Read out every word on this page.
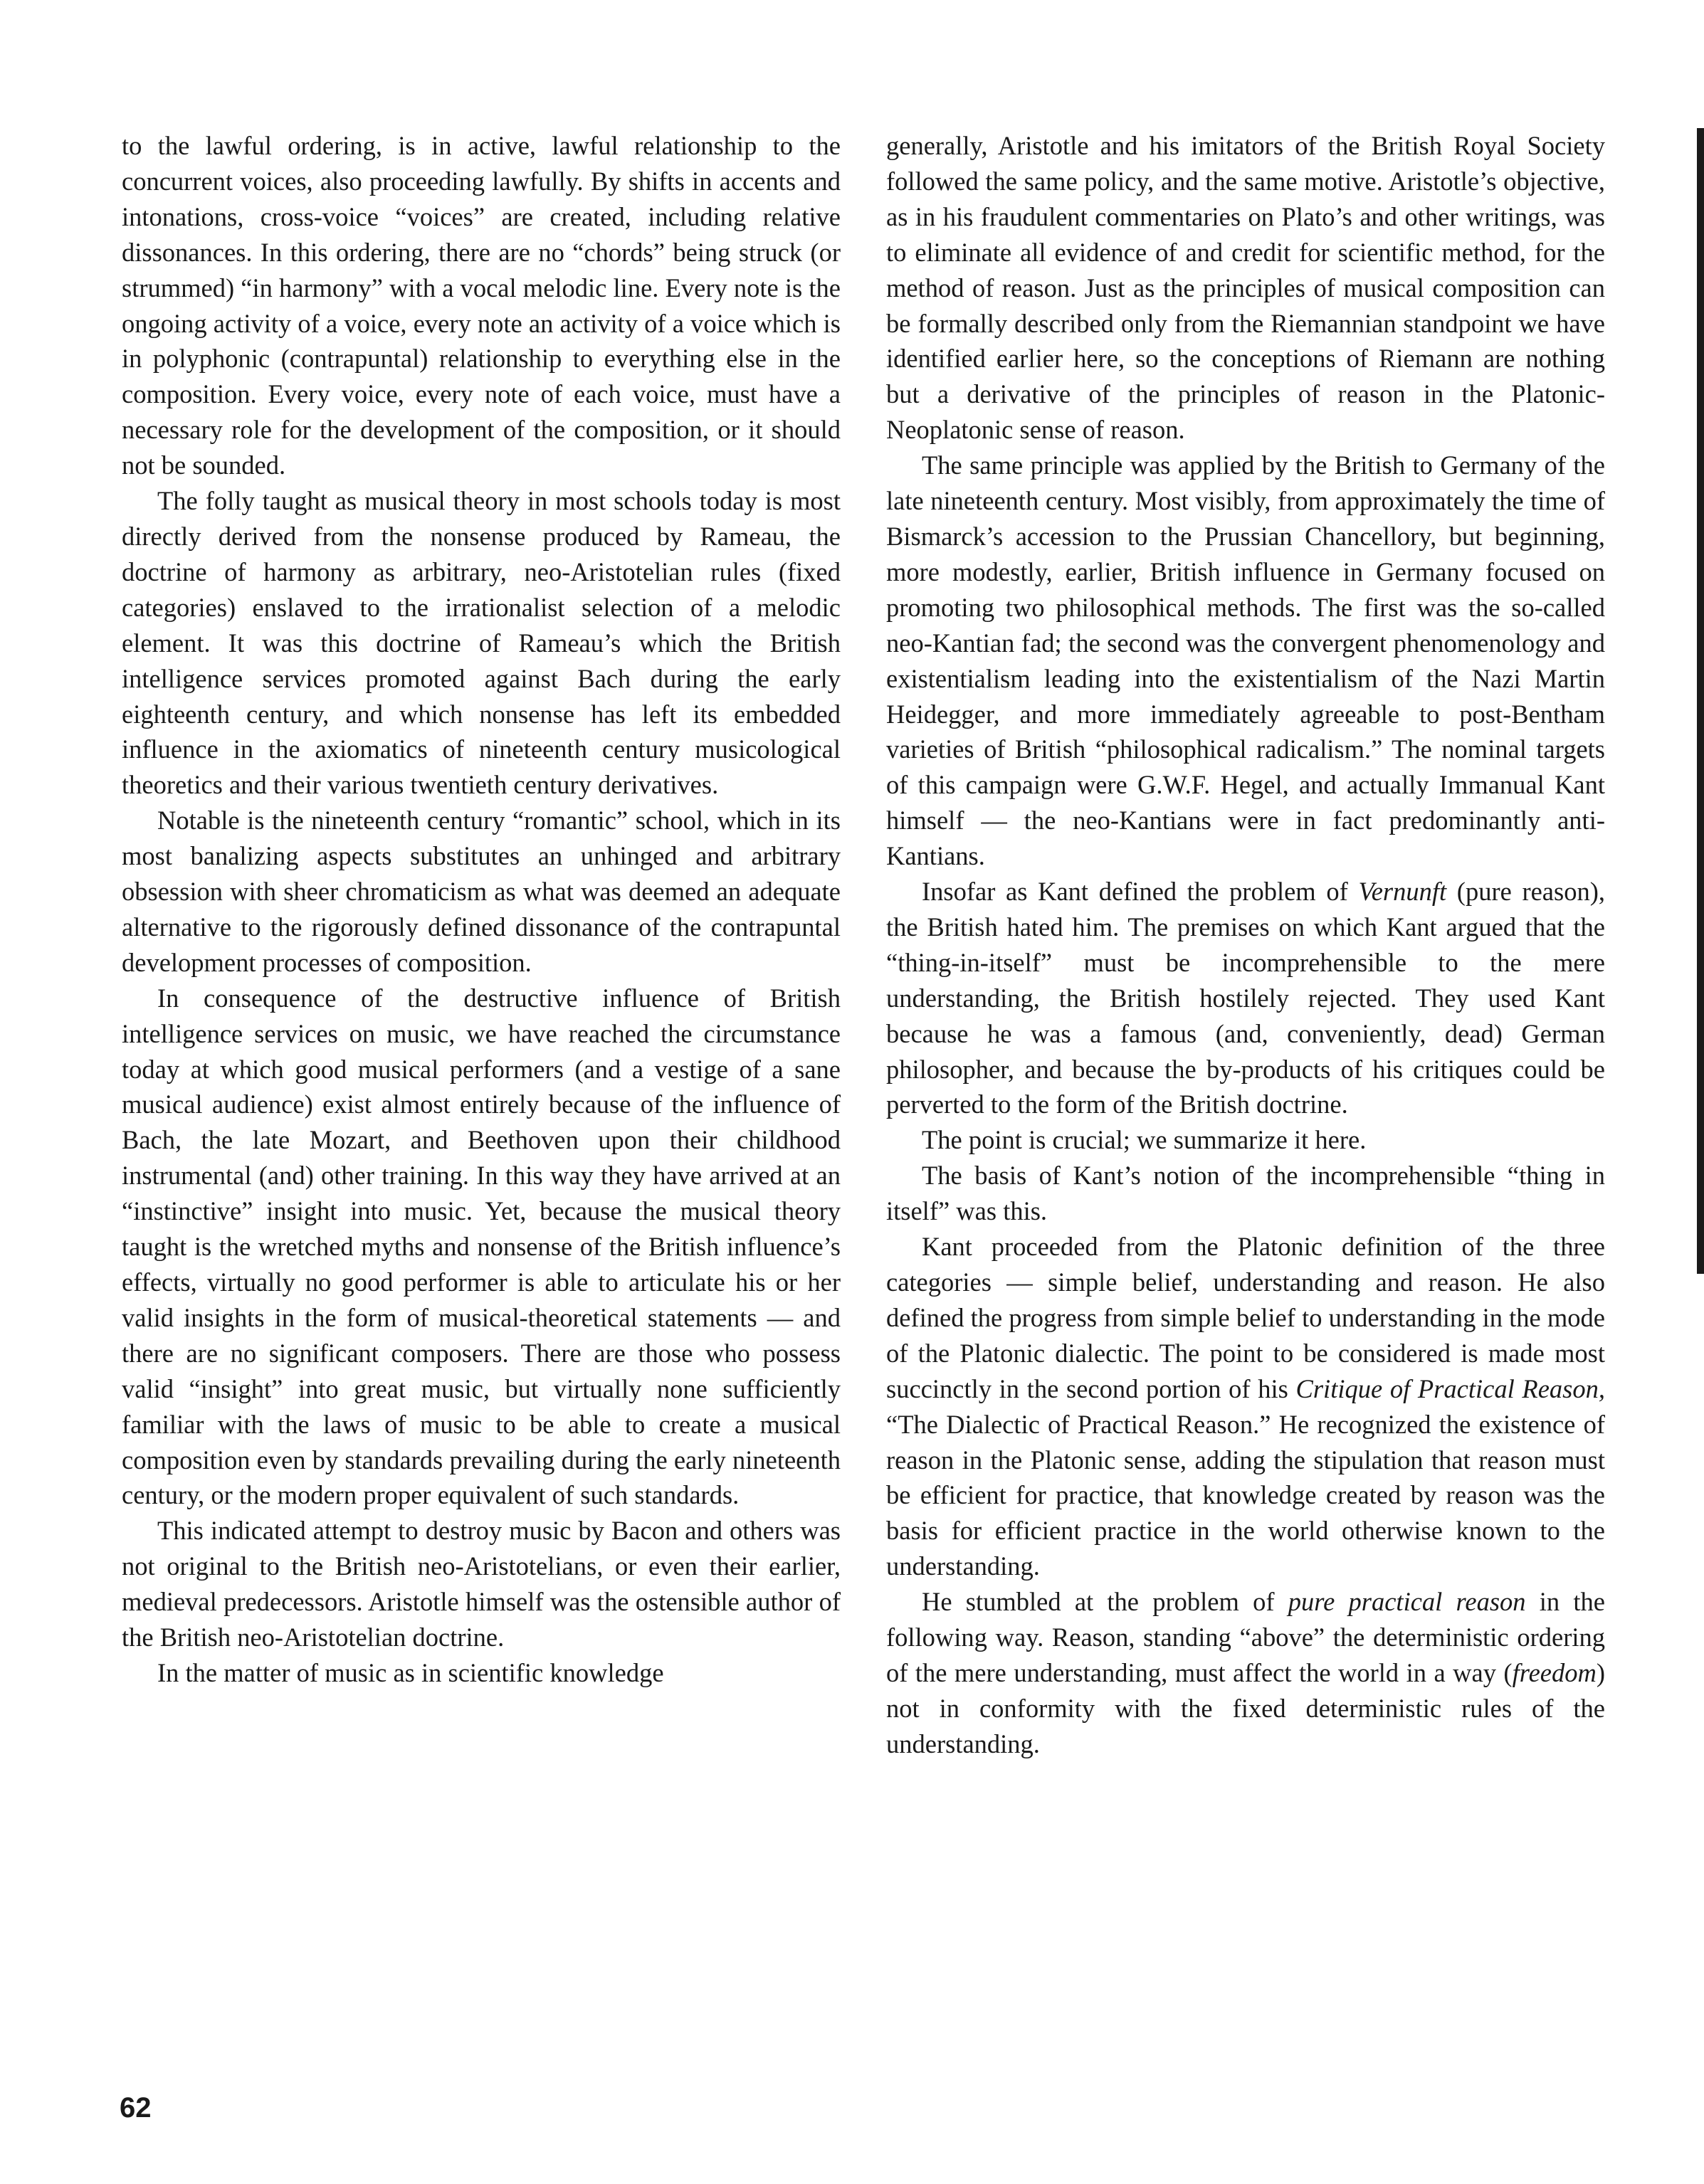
to the lawful ordering, is in active, lawful relationship to the concurrent voices, also proceeding lawfully. By shifts in accents and intonations, cross-voice “voices” are created, including relative dissonances. In this ordering, there are no “chords” being struck (or strummed) “in harmony” with a vocal melodic line. Every note is the ongoing activity of a voice, every note an activity of a voice which is in polyphonic (contrapuntal) relationship to everything else in the composition. Every voice, every note of each voice, must have a necessary role for the development of the composition, or it should not be sounded.

The folly taught as musical theory in most schools today is most directly derived from the nonsense produced by Rameau, the doctrine of harmony as arbitrary, neo-Aristotelian rules (fixed categories) enslaved to the irrationalist selection of a melodic element. It was this doctrine of Rameau’s which the British intelligence services promoted against Bach during the early eighteenth century, and which nonsense has left its embedded influence in the axiomatics of nineteenth century musicological theoretics and their various twentieth century derivatives.

Notable is the nineteenth century “romantic” school, which in its most banalizing aspects substitutes an unhinged and arbitrary obsession with sheer chromaticism as what was deemed an adequate alternative to the rigorously defined dissonance of the contrapuntal development processes of composition.

In consequence of the destructive influence of British intelligence services on music, we have reached the circumstance today at which good musical performers (and a vestige of a sane musical audience) exist almost entirely because of the influence of Bach, the late Mozart, and Beethoven upon their childhood instrumental (and) other training. In this way they have arrived at an “instinctive” insight into music. Yet, because the musical theory taught is the wretched myths and nonsense of the British influence’s effects, virtually no good performer is able to articulate his or her valid insights in the form of musical-theoretical statements — and there are no significant composers. There are those who possess valid “insight” into great music, but virtually none sufficiently familiar with the laws of music to be able to create a musical composition even by standards prevailing during the early nineteenth century, or the modern proper equivalent of such standards.

This indicated attempt to destroy music by Bacon and others was not original to the British neo-Aristotelians, or even their earlier, medieval predecessors. Aristotle himself was the ostensible author of the British neo-Aristotelian doctrine.

In the matter of music as in scientific knowledge

generally, Aristotle and his imitators of the British Royal Society followed the same policy, and the same motive. Aristotle’s objective, as in his fraudulent commentaries on Plato’s and other writings, was to eliminate all evidence of and credit for scientific method, for the method of reason. Just as the principles of musical composition can be formally described only from the Riemannian standpoint we have identified earlier here, so the conceptions of Riemann are nothing but a derivative of the principles of reason in the Platonic-Neoplatonic sense of reason.

The same principle was applied by the British to Germany of the late nineteenth century. Most visibly, from approximately the time of Bismarck’s accession to the Prussian Chancellory, but beginning, more modestly, earlier, British influence in Germany focused on promoting two philosophical methods. The first was the so-called neo-Kantian fad; the second was the convergent phenomenology and existentialism leading into the existentialism of the Nazi Martin Heidegger, and more immediately agreeable to post-Bentham varieties of British “philosophical radicalism.” The nominal targets of this campaign were G.W.F. Hegel, and actually Immanual Kant himself — the neo-Kantians were in fact predominantly anti-Kantians.

Insofar as Kant defined the problem of Vernunft (pure reason), the British hated him. The premises on which Kant argued that the “thing-in-itself” must be incomprehensible to the mere understanding, the British hostilely rejected. They used Kant because he was a famous (and, conveniently, dead) German philosopher, and because the by-products of his critiques could be perverted to the form of the British doctrine.

The point is crucial; we summarize it here.

The basis of Kant’s notion of the incomprehensible “thing in itself” was this.

Kant proceeded from the Platonic definition of the three categories — simple belief, understanding and reason. He also defined the progress from simple belief to understanding in the mode of the Platonic dialectic. The point to be considered is made most succinctly in the second portion of his Critique of Practical Reason, “The Dialectic of Practical Reason.” He recognized the existence of reason in the Platonic sense, adding the stipulation that reason must be efficient for practice, that knowledge created by reason was the basis for efficient practice in the world otherwise known to the understanding.

He stumbled at the problem of pure practical reason in the following way. Reason, standing “above” the deterministic ordering of the mere understanding, must affect the world in a way (freedom) not in conformity with the fixed deterministic rules of the understanding.

62
